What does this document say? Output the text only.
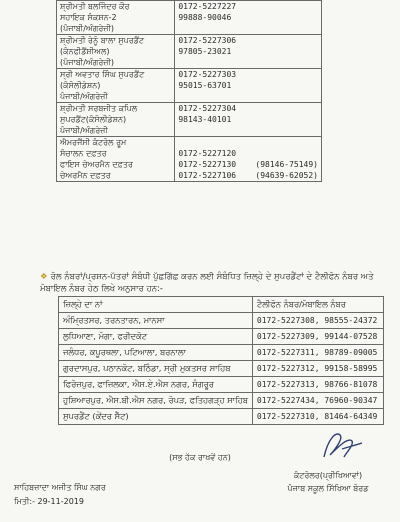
ਸ਼੍ਰੀਮਤੀ ਬਲਜਿੰਦਰ ਕੌਰ
ਸਹਾਇਕ ਸੰਕਸ਼ਨ-2
(ਪੰਜਾਬੀ/ਅੰਗਰੇਜ਼ੀ)	0172-5227227
99888-90046

ਸ਼੍ਰੀਮਤੀ ਰੇਨੂੰ ਬਾਲਾ ਸੁਪਰਡੈਂਟ
(ਕੰਨਫੀਡੈਂਸ਼ੀਅਲ)
(ਪੰਜਾਬੀ/ਅੰਗਰੇਜ਼ੀ)	0172-5227306
97805-23021

ਸ੍ਰੀ ਅਵਤਾਰ ਸਿੰਘ ਸੁਪਰਡੈਂਟ
(ਕੰਸੋਲੀਡੇਸ਼ਨ)
ਪੰਜਾਬੀ/ਅੰਗਰੇਜ਼ੀ	0172-5227303
95015-63701

ਸ਼੍ਰੀਮਤੀ ਸਰਬਜੀਤ ਕਪਿਲ
ਸੁਪਰਡੈਂਟ(ਕੰਸੋਲੀਡੇਸ਼ਨ)
ਪੰਜਾਬੀ/ਅੰਗਰੇਜ਼ੀ	0172-5227304
98143-40101

ਐਮਰਜੈਂਸੀ ਕੰਟਰੋਲ ਰੂਮ
ਸੰਚਾਲਨ ਦਫ਼ਤਰ
ਫਾਇਸ ਚੇਅਰਮੈਨ ਦਫ਼ਤਰ
ਚੇਅਰਮੈਨ ਦਫ਼ਤਰ	0172-5227120
0172-5227130    (98146-75149)
0172-5227106    (94639-62052)
❖ ਰੋਲ ਨੰਬਰਾਂ/ਪ੍ਰਸ਼ਨ-ਪੱਤਰਾਂ ਸੰਬੰਧੀ ਪੁੱਛਗਿੱਛ ਕਰਨ ਲਈ ਸੰਬੰਧਿਤ ਜ਼ਿਲ੍ਹੇ ਦੇ ਸੁਪਰਡੈਂਟਾਂ ਦੇ ਟੈਲੀਫੋਨ ਨੰਬਰ ਅਤੇ ਮੋਬਾਇਲ ਨੰਬਰ ਹੇਠ ਲਿਖੇ ਅਨੁਸਾਰ ਹਨ:-
ਜ਼ਿਲ੍ਹੇ ਦਾ ਨਾਂ	ਟੈਲੀਫੋਨ ਨੰਬਰ/ਮੋਬਾਇਲ ਨੰਬਰ
ਅੰਮ੍ਰਿਤਸਰ, ਤਰਨਤਾਰਨ, ਮਾਨਸਾ	0172-5227308, 98555-24372
ਲੁਧਿਆਣਾ, ਮੋਗਾ, ਫਰੀਦਕੋਟ	0172-5227309, 99144-07528
ਜਲੰਧਰ, ਕਪੂਰਥਲਾ, ਪਟਿਆਲਾ, ਬਰਨਾਲਾ	0172-5227311, 98789-09005
ਗੁਰਦਾਸਪੁਰ, ਪਠਾਨਕੋਟ, ਬਠਿੰਡਾ, ਸ੍ਰੀ ਮੁਕਤਸਰ ਸਾਹਿਬ	0172-5227312, 99158-58995
ਫਿਰੋਜ਼ਪੁਰ, ਫਾਜ਼ਿਲਕਾ, ਐਸ.ਏ.ਐਸ ਨਗਰ, ਸੰਗਰੂਰ	0172-5227313, 98766-81078
ਹੁਸ਼ਿਆਰਪੁਰ, ਐਸ.ਬੀ.ਐਸ ਨਗਰ, ਰੋਪੜ, ਫਤਿਹਗੜ੍ਹ ਸਾਹਿਬ	0172-5227434, 76960-90347
ਸੁਪਰਡੈਂਟ (ਕੇਂਦਰ ਸੈੱਟ)	0172-5227310, 81464-64349
(ਸਭ ਹੱਕ ਰਾਖਵੇਂ ਹਨ)
ਸਾਹਿਬਜ਼ਾਦਾ ਅਜੀਤ ਸਿੰਘ ਨਗਰ
ਮਿਤੀ:- 29-11-2019
ਕੰਟਰੋਲਰ(ਪ੍ਰੀਖਿਆਵਾਂ)
ਪੰਜਾਬ ਸਕੂਲ ਸਿੱਖਿਆ ਬੋਰਡ
